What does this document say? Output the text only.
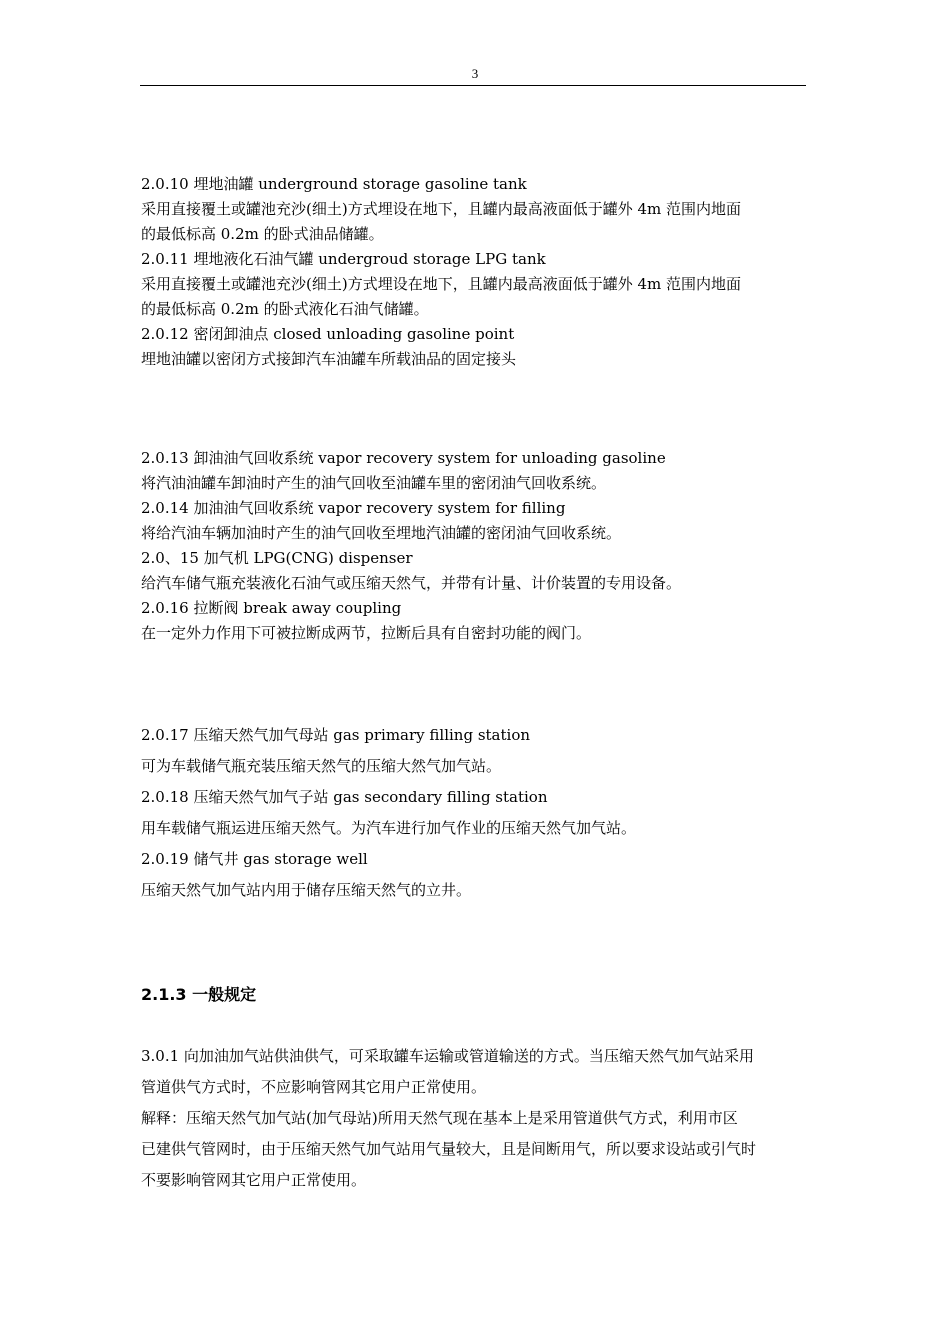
3

2.0.10 埋地油罐 underground storage gasoline tank

采用直接覆土或罐池充沙(细土)方式埋设在地下，且罐内最高液面低于罐外 4m 范围内地面

的最低标高 0.2m 的卧式油品储罐。

2.0.11 埋地液化石油气罐 undergroud storage LPG tank

采用直接覆土或罐池充沙(细土)方式埋设在地下，且罐内最高液面低于罐外 4m 范围内地面

的最低标高 0.2m 的卧式液化石油气储罐。

2.0.12 密闭卸油点 closed unloading gasoline point

埋地油罐以密闭方式接卸汽车油罐车所载油品的固定接头

2.0.13 卸油油气回收系统 vapor recovery system for unloading gasoline

将汽油油罐车卸油时产生的油气回收至油罐车里的密闭油气回收系统。

2.0.14 加油油气回收系统 vapor recovery system for filling

将给汽油车辆加油时产生的油气回收至埋地汽油罐的密闭油气回收系统。

2.0、15 加气机 LPG(CNG) dispenser

给汽车储气瓶充装液化石油气或压缩天然气，并带有计量、计价装置的专用设备。

2.0.16 拉断阀 break away coupling

在一定外力作用下可被拉断成两节，拉断后具有自密封功能的阀门。

2.0.17 压缩天然气加气母站 gas primary filling station

可为车载储气瓶充装压缩天然气的压缩大然气加气站。

2.0.18 压缩天然气加气子站 gas secondary filling station

用车载储气瓶运进压缩天然气。为汽车进行加气作业的压缩天然气加气站。

2.0.19 储气井 gas storage well

压缩天然气加气站内用于储存压缩天然气的立井。

2.1.3 一般规定

3.0.1 向加油加气站供油供气，可采取罐车运输或管道输送的方式。当压缩天然气加气站采用

管道供气方式时，不应影响管网其它用户正常使用。

解释：压缩天然气加气站(加气母站)所用天然气现在基本上是采用管道供气方式，利用市区

已建供气管网时，由于压缩天然气加气站用气量较大，且是间断用气，所以要求设站或引气时

不要影响管网其它用户正常使用。
